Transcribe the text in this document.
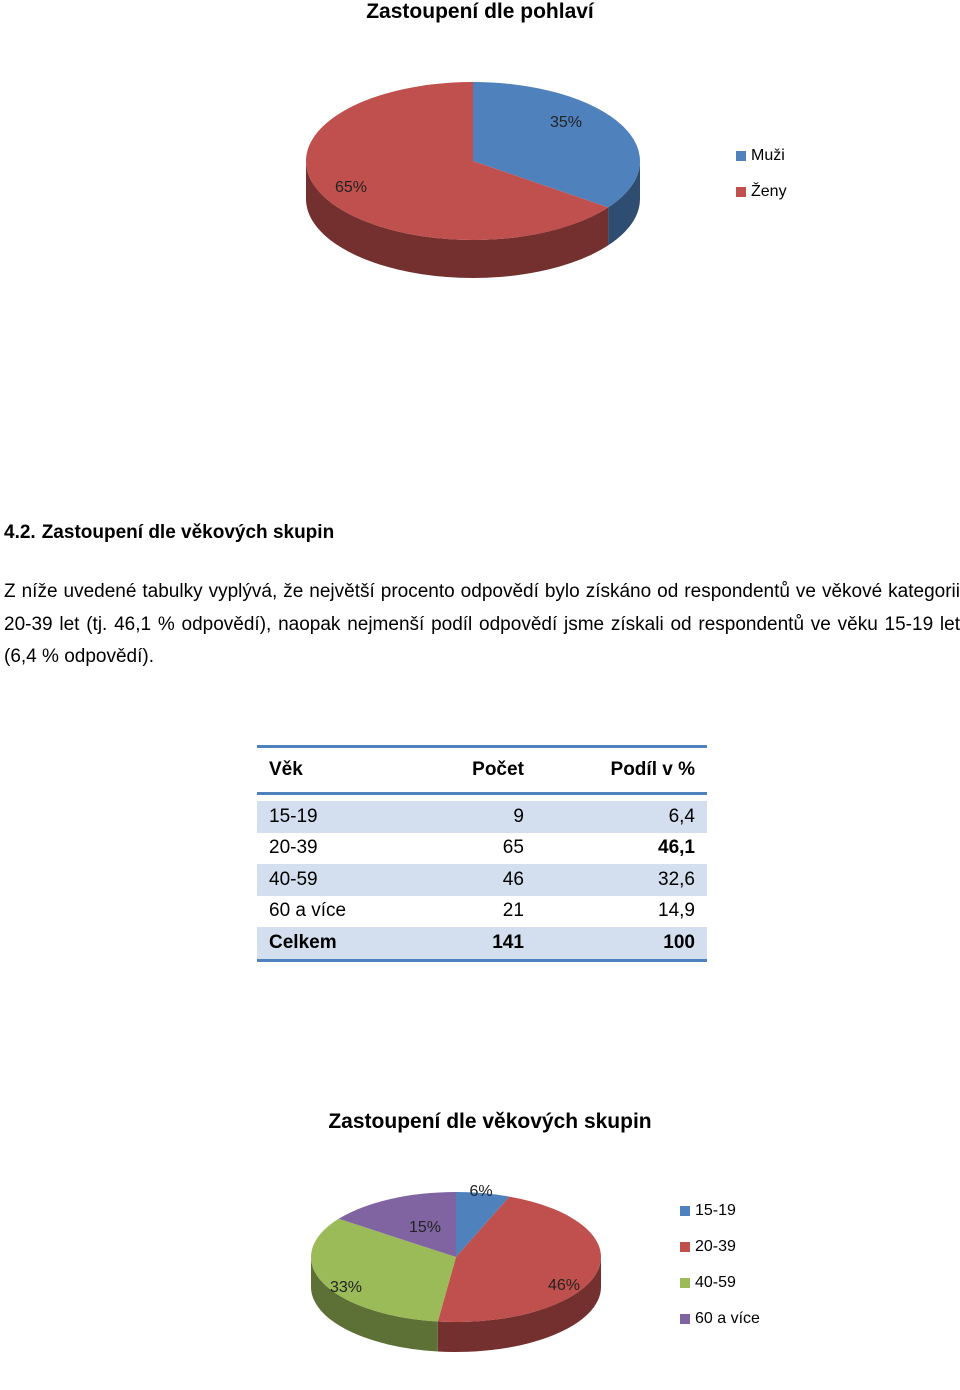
Zastoupení dle pohlaví
35%
65%
Muži
Ženy
4.2. Zastoupení dle věkových skupin
Z níže uvedené tabulky vyplývá, že největší procento odpovědí bylo získáno od respondentů ve věkové kategorii 20-39 let (tj. 46,1 % odpovědí), naopak nejmenší podíl odpovědí jsme získali od respondentů ve věku 15-19 let (6,4 % odpovědí).
Věk	Počet	Podíl v %

15-19	9	6,4
20-39	65	46,1
40-59	46	32,6
60 a více	21	14,9
Celkem	141	100
Zastoupení dle věkových skupin
6%
46%
33%
15%
15-19
20-39
40-59
60 a více
